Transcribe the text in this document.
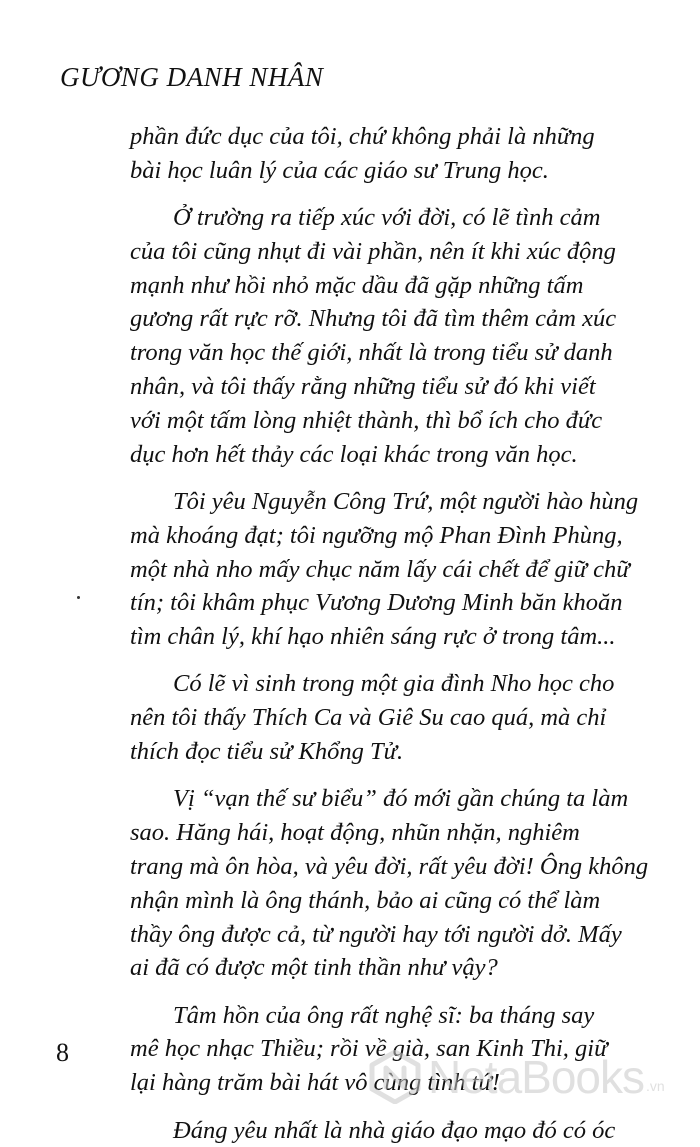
GƯƠNG DANH NHÂN
phần đức dục của tôi, chứ không phải là những
bài học luân lý của các giáo sư Trung học.
Ở trường ra tiếp xúc với đời, có lẽ tình cảm
của tôi cũng nhụt đi vài phần, nên ít khi xúc động
mạnh như hồi nhỏ mặc dầu đã gặp những tấm
gương rất rực rỡ. Nhưng tôi đã tìm thêm cảm xúc
trong văn học thế giới, nhất là trong tiểu sử danh
nhân, và tôi thấy rằng những tiểu sử đó khi viết
với một tấm lòng nhiệt thành, thì bổ ích cho đức
dục hơn hết thảy các loại khác trong văn học.
Tôi yêu Nguyễn Công Trứ, một người hào hùng
mà khoáng đạt; tôi ngưỡng mộ Phan Đình Phùng,
một nhà nho mấy chục năm lấy cái chết để giữ chữ
tín; tôi khâm phục Vương Dương Minh băn khoăn
tìm chân lý, khí hạo nhiên sáng rực ở trong tâm...
Có lẽ vì sinh trong một gia đình Nho học cho
nên tôi thấy Thích Ca và Giê Su cao quá, mà chỉ
thích đọc tiểu sử Khổng Tử.
Vị “vạn thế sư biểu” đó mới gần chúng ta làm
sao. Hăng hái, hoạt động, nhũn nhặn, nghiêm
trang mà ôn hòa, và yêu đời, rất yêu đời! Ông không
nhận mình là ông thánh, bảo ai cũng có thể làm
thầy ông được cả, từ người hay tới người dở. Mấy
ai đã có được một tinh thần như vậy?
Tâm hồn của ông rất nghệ sĩ: ba tháng say
mê học nhạc Thiều; rồi về già, san Kinh Thi, giữ
lại hàng trăm bài hát vô cùng tình tứ!
Đáng yêu nhất là nhà giáo đạo mạo đó có óc
8	NetaBooks .vn
